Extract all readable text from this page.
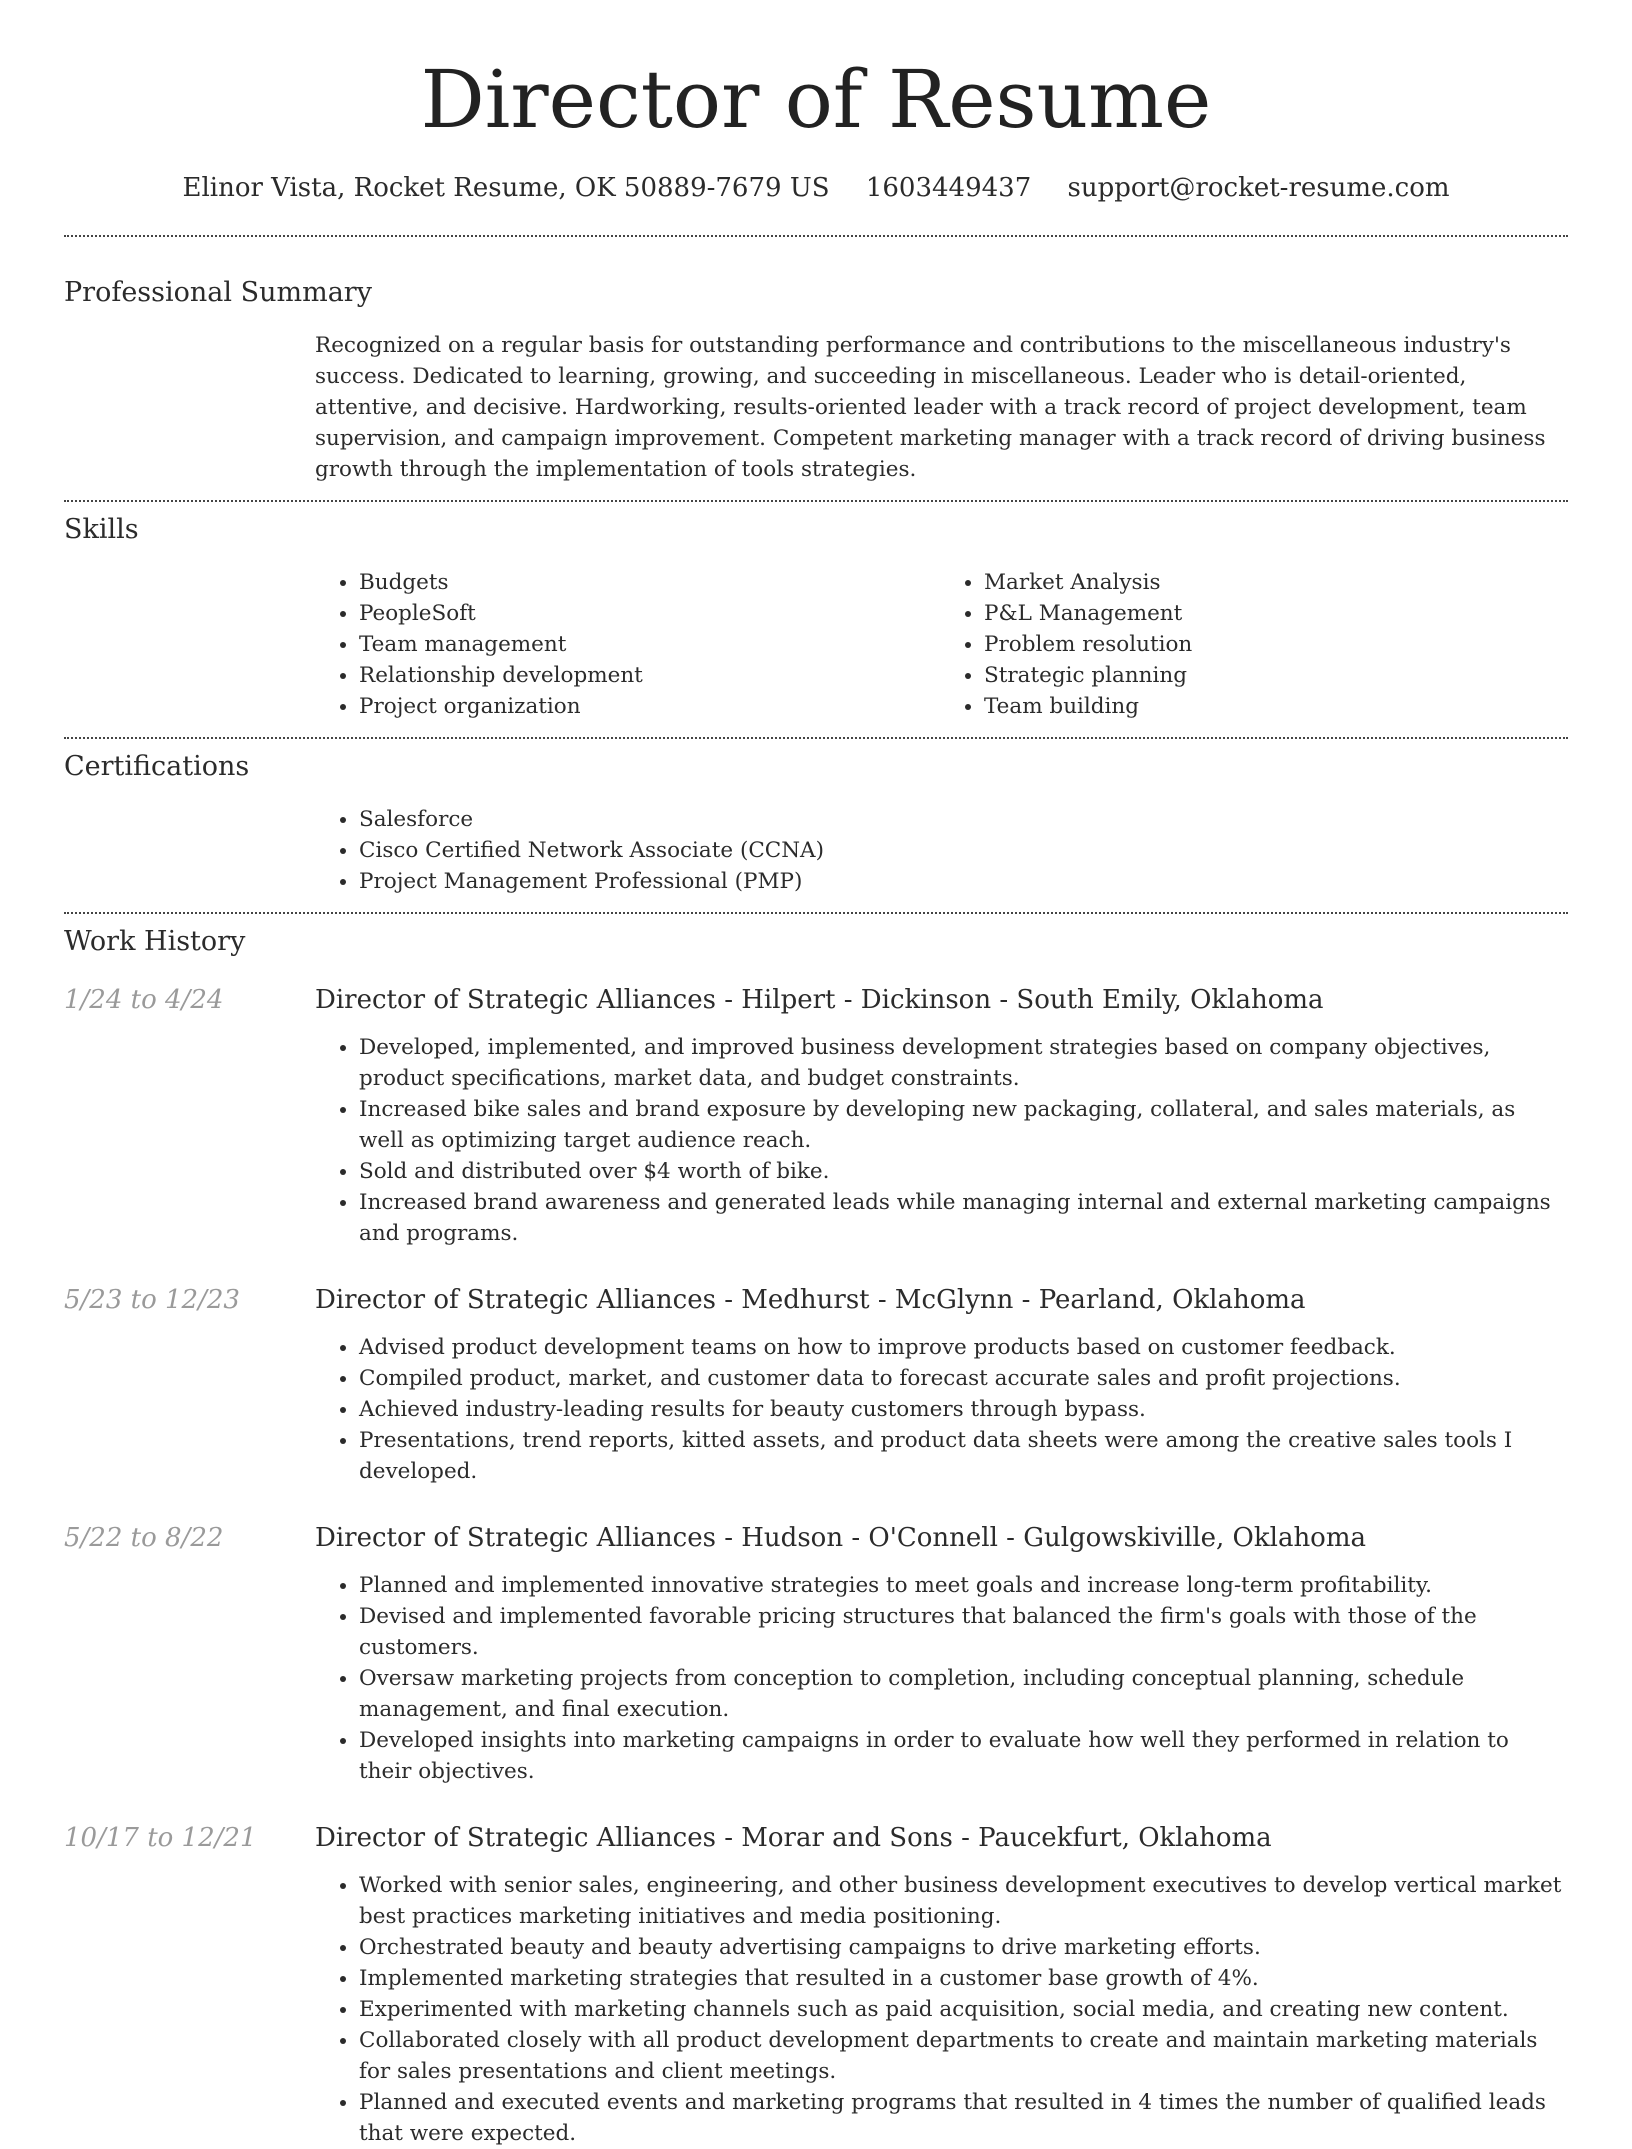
Director of Resume
Elinor Vista, Rocket Resume, OK 50889-7679 US 1603449437 support@rocket-resume.com
Professional Summary
Recognized on a regular basis for outstanding performance and contributions to the miscellaneous industry's success. Dedicated to learning, growing, and succeeding in miscellaneous. Leader who is detail-oriented, attentive, and decisive. Hardworking, results-oriented leader with a track record of project development, team supervision, and campaign improvement. Competent marketing manager with a track record of driving business growth through the implementation of tools strategies.
Skills
• Budgets
• PeopleSoft
• Team management
• Relationship development
• Project organization
• Market Analysis
• P&L Management
• Problem resolution
• Strategic planning
• Team building
Certifications
• Salesforce
• Cisco Certified Network Associate (CCNA)
• Project Management Professional (PMP)
Work History
1/24 to 4/24	Director of Strategic Alliances - Hilpert - Dickinson - South Emily, Oklahoma
• Developed, implemented, and improved business development strategies based on company objectives, product specifications, market data, and budget constraints.
• Increased bike sales and brand exposure by developing new packaging, collateral, and sales materials, as well as optimizing target audience reach.
• Sold and distributed over $4 worth of bike.
• Increased brand awareness and generated leads while managing internal and external marketing campaigns and programs.
5/23 to 12/23	Director of Strategic Alliances - Medhurst - McGlynn - Pearland, Oklahoma
• Advised product development teams on how to improve products based on customer feedback.
• Compiled product, market, and customer data to forecast accurate sales and profit projections.
• Achieved industry-leading results for beauty customers through bypass.
• Presentations, trend reports, kitted assets, and product data sheets were among the creative sales tools I developed.
5/22 to 8/22	Director of Strategic Alliances - Hudson - O'Connell - Gulgowskiville, Oklahoma
• Planned and implemented innovative strategies to meet goals and increase long-term profitability.
• Devised and implemented favorable pricing structures that balanced the firm's goals with those of the customers.
• Oversaw marketing projects from conception to completion, including conceptual planning, schedule management, and final execution.
• Developed insights into marketing campaigns in order to evaluate how well they performed in relation to their objectives.
10/17 to 12/21 Director of Strategic Alliances - Morar and Sons - Paucekfurt, Oklahoma
• Worked with senior sales, engineering, and other business development executives to develop vertical market best practices marketing initiatives and media positioning.
• Orchestrated beauty and beauty advertising campaigns to drive marketing efforts.
• Implemented marketing strategies that resulted in a customer base growth of 4%.
• Experimented with marketing channels such as paid acquisition, social media, and creating new content.
• Collaborated closely with all product development departments to create and maintain marketing materials for sales presentations and client meetings.
• Planned and executed events and marketing programs that resulted in 4 times the number of qualified leads that were expected.
